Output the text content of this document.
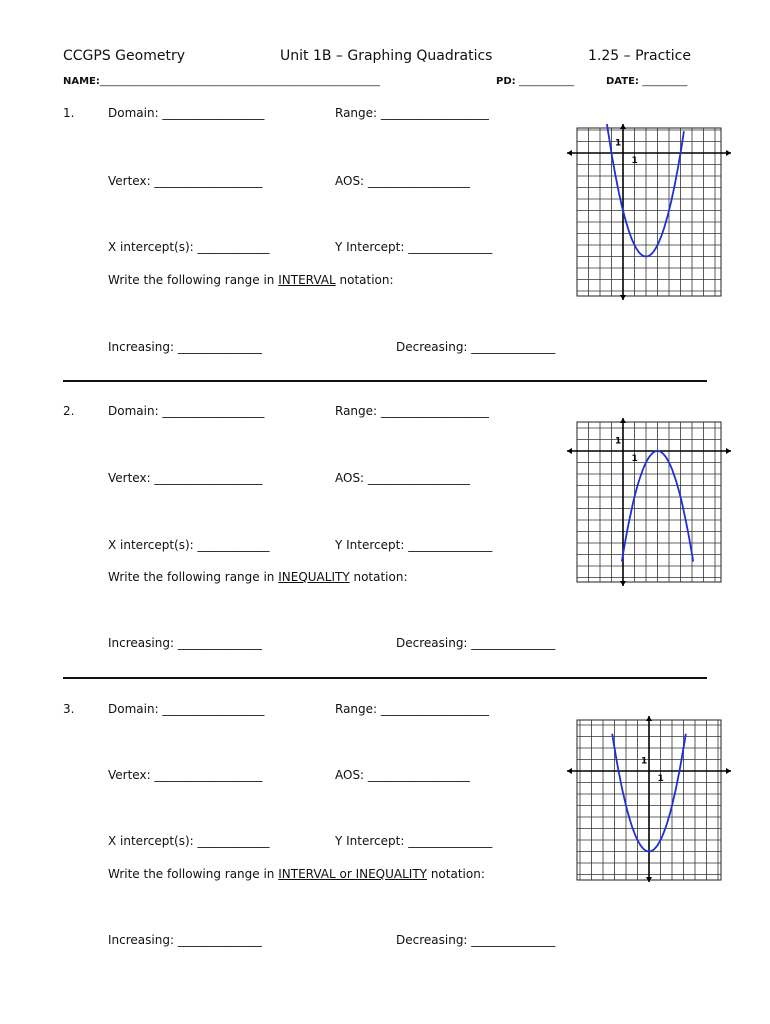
CCGPS Geometry	Unit 1B – Graphing Quadratics	1.25 – Practice
NAME:________________________________________________________	PD: ___________	DATE: _________
1.	Domain: _________________	Range: __________________
Vertex: __________________	AOS: _________________
X intercept(s): ____________	Y Intercept: ______________
Write the following range in INTERVAL notation:
Increasing: ______________	Decreasing: ______________
1
1
2.	Domain: _________________	Range: __________________
Vertex: __________________	AOS: _________________
X intercept(s): ____________	Y Intercept: ______________
Write the following range in INEQUALITY notation:
Increasing: ______________	Decreasing: ______________
1
1
3.	Domain: _________________	Range: __________________
Vertex: __________________	AOS: _________________
X intercept(s): ____________	Y Intercept: ______________
Write the following range in INTERVAL or INEQUALITY notation:
Increasing: ______________	Decreasing: ______________
1
1
